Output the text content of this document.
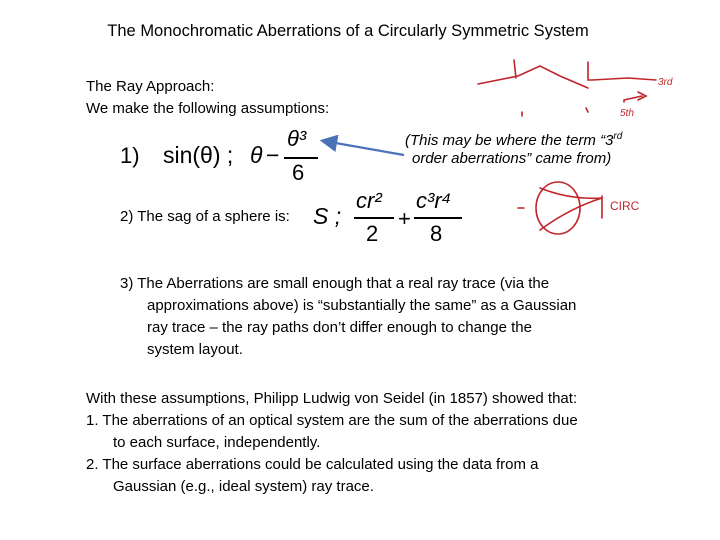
The Monochromatic Aberrations of a Circularly Symmetric System
The Ray Approach:
We make the following assumptions:
1) sin(θ) ; θ −
θ³
6
(This may be where the term “3rd
order aberrations” came from)
2) The sag of a sphere is: S ;
cr²
2
+
c³r⁴
8
3rd
5th
CIRC
3) The Aberrations are small enough that a real ray trace (via the
approximations above) is “substantially the same” as a Gaussian
ray trace – the ray paths don’t differ enough to change the
system layout.
With these assumptions, Philipp Ludwig von Seidel (in 1857) showed that:
1. The aberrations of an optical system are the sum of the aberrations due
to each surface, independently.
2. The surface aberrations could be calculated using the data from a
Gaussian (e.g., ideal system) ray trace.
